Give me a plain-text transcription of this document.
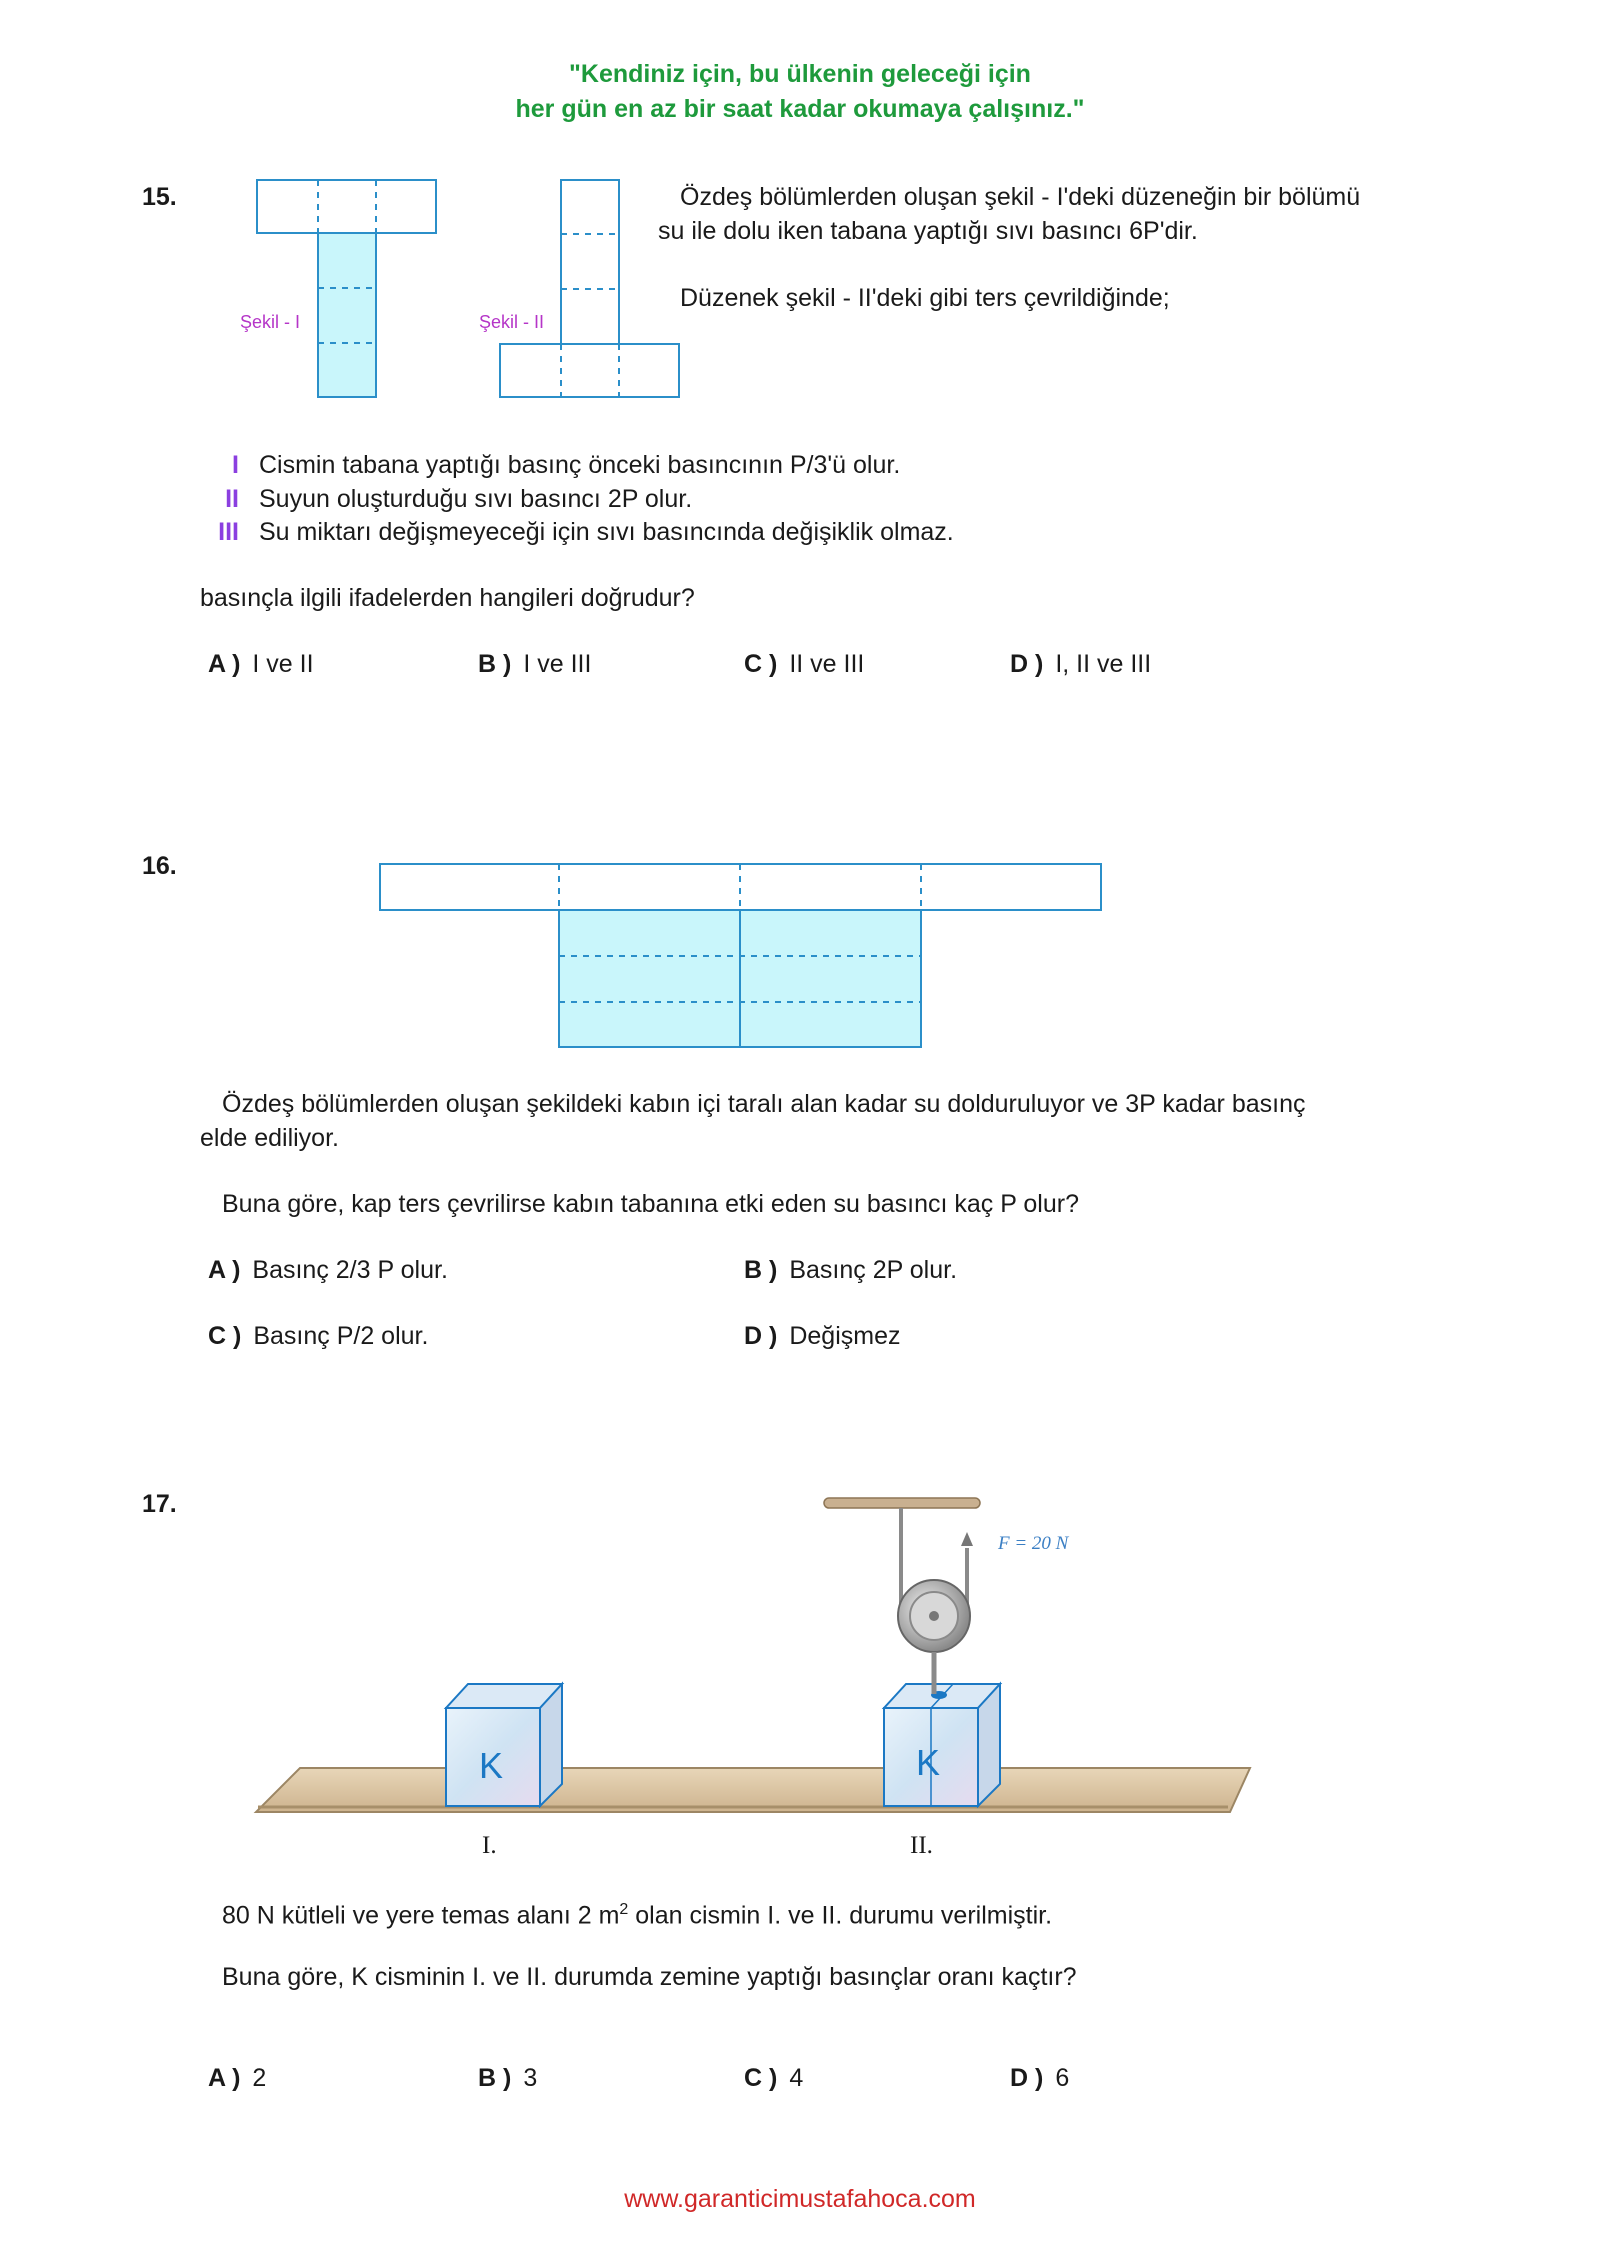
"Kendiniz için, bu ülkenin geleceği için
her gün en az bir saat kadar okumaya çalışınız."
15.
Şekil - I	Şekil - II
Özdeş bölümlerden oluşan şekil - I'deki düzeneğin bir bölümü
su ile dolu iken tabana yaptığı sıvı basıncı 6P'dir.
Düzenek şekil - II'deki gibi ters çevrildiğinde;
I Cismin tabana yaptığı basınç önceki basıncının P/3'ü olur.
II Suyun oluşturduğu sıvı basıncı 2P olur.
III Su miktarı değişmeyeceği için sıvı basıncında değişiklik olmaz.
basınçla ilgili ifadelerden hangileri doğrudur?
A ) I ve II	B ) I ve III	C ) II ve III	D ) I, II ve III
16.
Özdeş bölümlerden oluşan şekildeki kabın içi taralı alan kadar su dolduruluyor ve 3P kadar basınç
elde ediliyor.
Buna göre, kap ters çevrilirse kabın tabanına etki eden su basıncı kaç P olur?
A ) Basınç 2/3 P olur.	B ) Basınç 2P olur.
C ) Basınç P/2 olur.	D ) Değişmez
17.
F = 20 N
K	K
I.	II.
80 N kütleli ve yere temas alanı 2 $m^2$ olan cismin I. ve II. durumu verilmiştir.
Buna göre, K cisminin I. ve II. durumda zemine yaptığı basınçlar oranı kaçtır?
A ) 2	B ) 3	C ) 4	D ) 6
www.garanticimustafahoca.com
